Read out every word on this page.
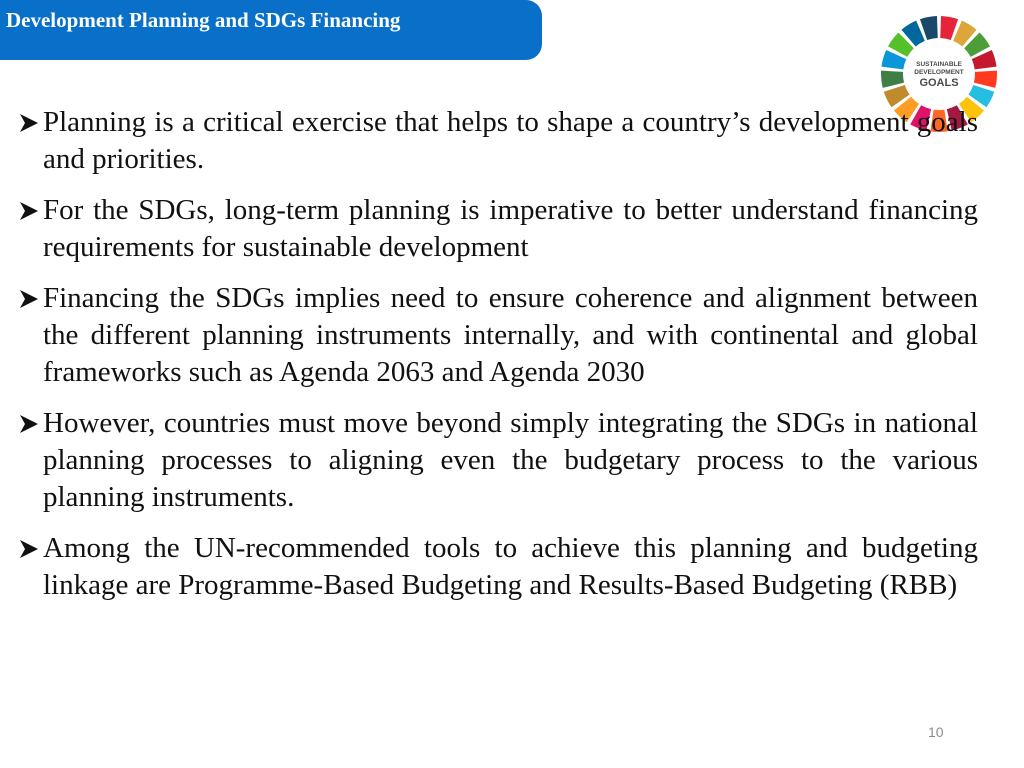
Development Planning and SDGs Financing
SUSTAINABLE
DEVELOPMENT
GOALS
Planning is a critical exercise that helps to shape a country’s development goals and priorities.
For the SDGs, long-term planning is imperative to better understand financing requirements for sustainable development
Financing the SDGs implies need to ensure coherence and alignment between the different planning instruments internally, and with continental and global frameworks such as Agenda 2063 and Agenda 2030
However, countries must move beyond simply integrating the SDGs in national planning processes to aligning even the budgetary process to the various planning instruments.
Among the UN-recommended tools to achieve this planning and budgeting linkage are Programme-Based Budgeting and Results-Based Budgeting (RBB)
10
